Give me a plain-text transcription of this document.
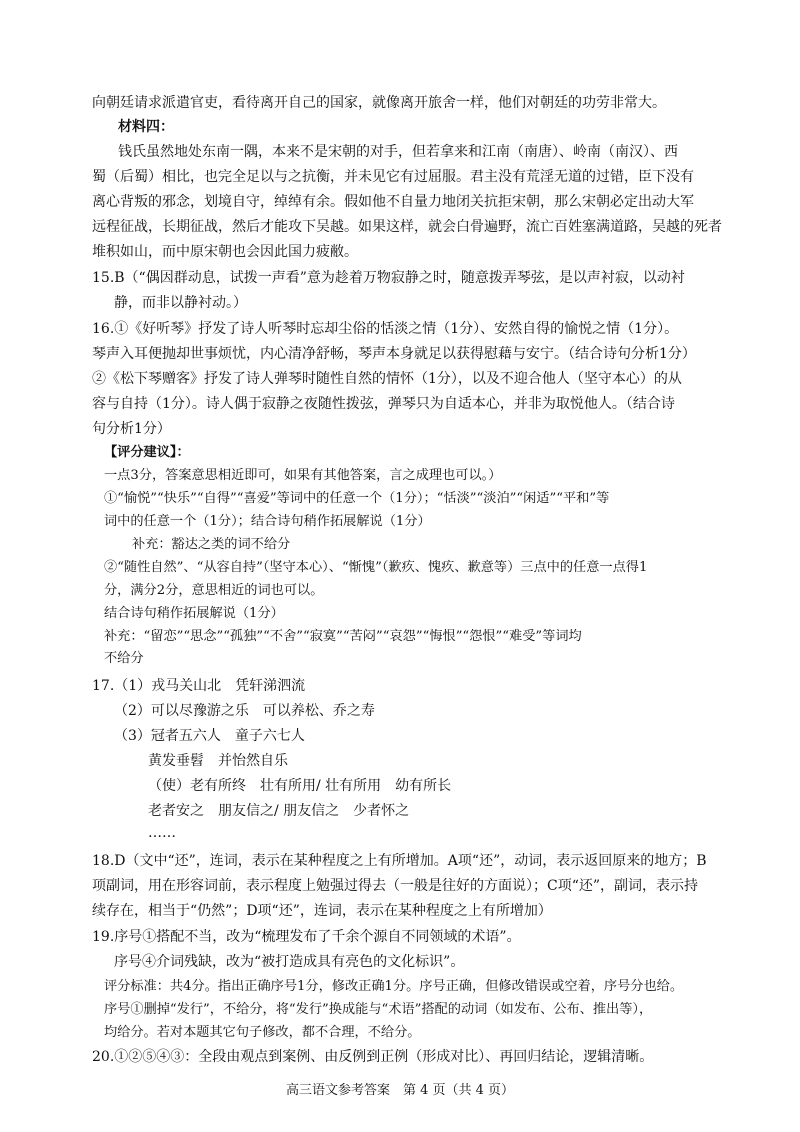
向朝廷请求派遣官吏，看待离开自己的国家，就像离开旅舍一样，他们对朝廷的功劳非常大。
材料四：
钱氏虽然地处东南一隅，本来不是宋朝的对手，但若拿来和江南（南唐）、岭南（南汉）、西
蜀（后蜀）相比，也完全足以与之抗衡，并未见它有过屈服。君主没有荒淫无道的过错，臣下没有
离心背叛的邪念，划境自守，绰绰有余。假如他不自量力地闭关抗拒宋朝，那么宋朝必定出动大军
远程征战，长期征战，然后才能攻下吴越。如果这样，就会白骨遍野，流亡百姓塞满道路，吴越的死者
堆积如山，而中原宋朝也会因此国力疲敝。
15.B（“偶因群动息，试拨一声看”意为趁着万物寂静之时，随意拨弄琴弦，是以声衬寂，以动衬
静，而非以静衬动。）
16.①《好听琴》抒发了诗人听琴时忘却尘俗的恬淡之情（1分）、安然自得的愉悦之情（1分）。
琴声入耳便抛却世事烦忧，内心清净舒畅，琴声本身就足以获得慰藉与安宁。（结合诗句分析1分）
②《松下琴赠客》抒发了诗人弹琴时随性自然的情怀（1分），以及不迎合他人（坚守本心）的从
容与自持（1分）。诗人偶于寂静之夜随性拨弦，弹琴只为自适本心，并非为取悦他人。（结合诗
句分析1分）
【评分建议】：
一点3分，答案意思相近即可，如果有其他答案，言之成理也可以。）
①“愉悦”“快乐”“自得”“喜爱”等词中的任意一个（1分）；“恬淡”“淡泊”“闲适”“平和”等
词中的任意一个（1分）；结合诗句稍作拓展解说（1分）
补充：豁达之类的词不给分
②“随性自然”、“从容自持”（坚守本心）、“惭愧”（歉疚、愧疚、歉意等）三点中的任意一点得1
分，满分2分，意思相近的词也可以。
结合诗句稍作拓展解说（1分）
补充：“留恋”“思念”“孤独”“不舍”“寂寞”“苦闷”“哀怨”“悔恨”“怨恨”“难受”等词均
不给分
17.（1）戎马关山北　凭轩涕泗流
（2）可以尽豫游之乐　可以养松、乔之寿
（3）冠者五六人　童子六七人
黄发垂髫　并怡然自乐
（使）老有所终　壮有所用/ 壮有所用　幼有所长
老者安之　朋友信之/ 朋友信之　少者怀之
……
18.D（文中“还”，连词，表示在某种程度之上有所增加。A项“还”，动词，表示返回原来的地方；B
项副词，用在形容词前，表示程度上勉强过得去（一般是往好的方面说）；C项“还”，副词，表示持
续存在，相当于“仍然”；D项“还”，连词，表示在某种程度之上有所增加）
19.序号①搭配不当，改为“梳理发布了千余个源自不同领域的术语”。
序号④介词残缺，改为“被打造成具有亮色的文化标识”。
评分标准：共4分。指出正确序号1分，修改正确1分。序号正确，但修改错误或空着，序号分也给。
序号①删掉“发行”，不给分，将“发行”换成能与“术语”搭配的动词（如发布、公布、推出等），
均给分。若对本题其它句子修改，都不合理，不给分。
20.①②⑤④③：全段由观点到案例、由反例到正例（形成对比）、再回归结论，逻辑清晰。
高三语文参考答案　第 4 页（共 4 页）
